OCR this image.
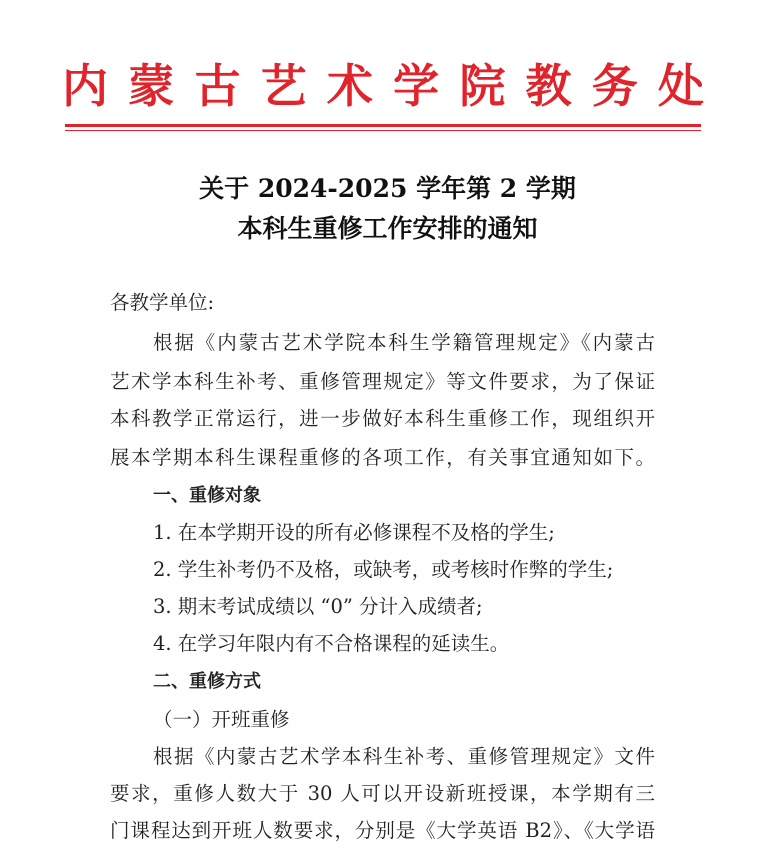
内 蒙 古 艺 术 学 院 教 务 处
关于 2024-2025 学年第 2 学期
本科生重修工作安排的通知
各教学单位:
根据《内蒙古艺术学院本科生学籍管理规定》《内蒙古
艺术学本科生补考、重修管理规定》等文件要求，为了保证
本科教学正常运行，进一步做好本科生重修工作，现组织开
展本学期本科生课程重修的各项工作，有关事宜通知如下。
一、重修对象
1. 在本学期开设的所有必修课程不及格的学生;
2. 学生补考仍不及格，或缺考，或考核时作弊的学生;
3. 期末考试成绩以 “0” 分计入成绩者;
4. 在学习年限内有不合格课程的延读生。
二、重修方式
（一）开班重修
根据《内蒙古艺术学本科生补考、重修管理规定》文件
要求，重修人数大于 30 人可以开设新班授课，本学期有三
门课程达到开班人数要求，分别是《大学英语 B2》、《大学语
